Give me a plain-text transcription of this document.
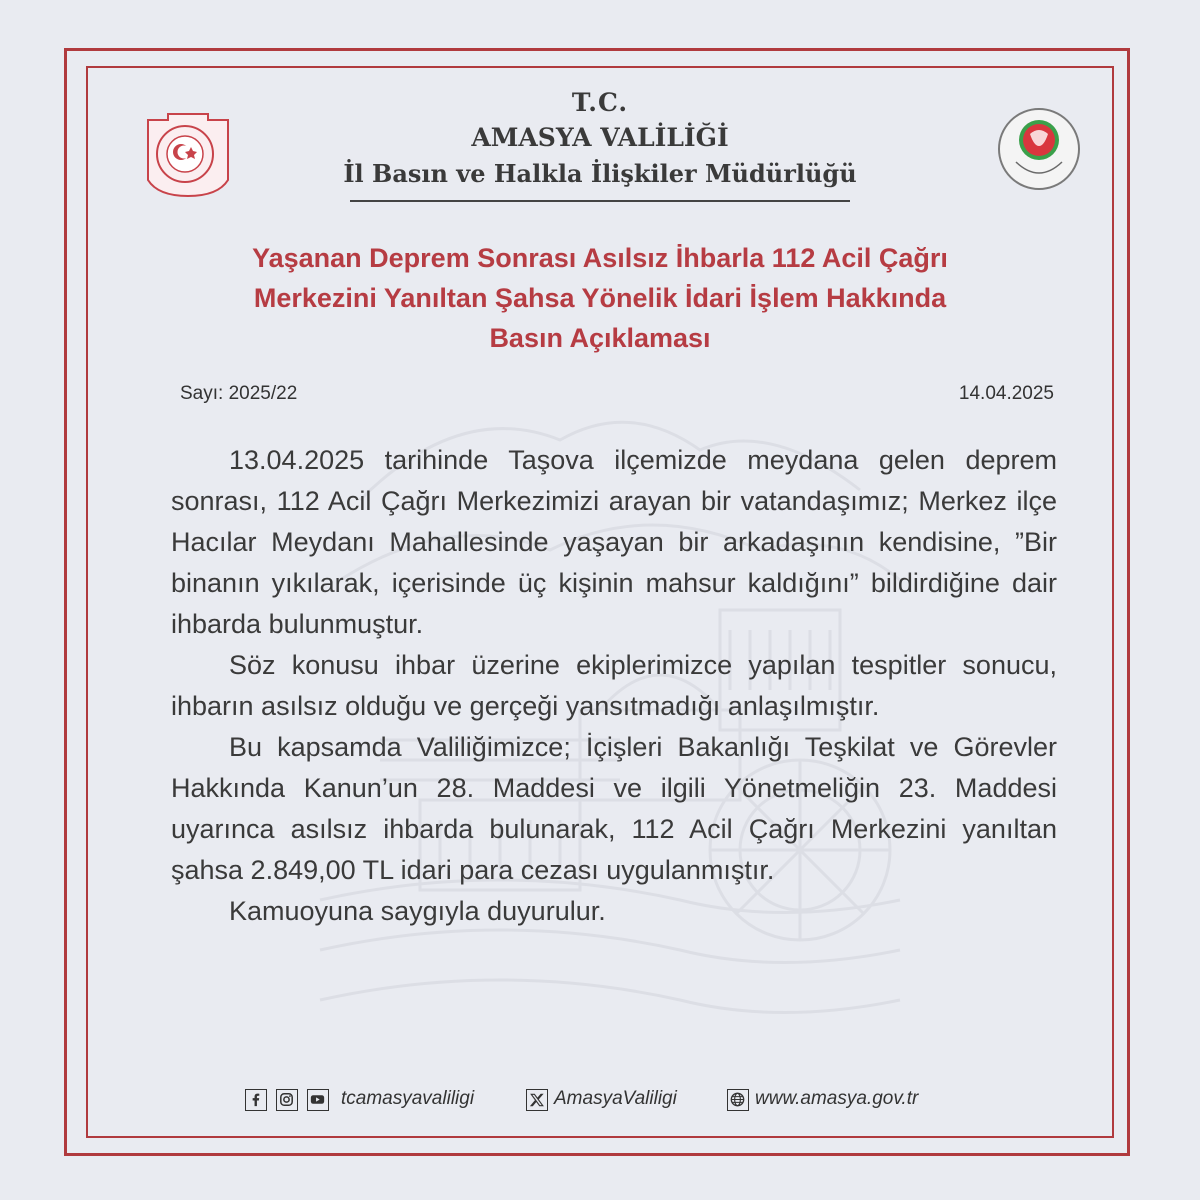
T.C.
AMASYA VALİLİĞİ
İl Basın ve Halkla İlişkiler Müdürlüğü
Yaşanan Deprem Sonrası Asılsız İhbarla 112 Acil Çağrı
Merkezini Yanıltan Şahsa Yönelik İdari İşlem Hakkında
Basın Açıklaması
Sayı: 2025/22	14.04.2025

13.04.2025 tarihinde Taşova ilçemizde meydana gelen deprem sonrası, 112 Acil Çağrı Merkezimizi arayan bir vatandaşımız; Merkez ilçe Hacılar Meydanı Mahallesinde yaşayan bir arkadaşının kendisine, ”Bir binanın yıkılarak, içerisinde üç kişinin mahsur kaldığını” bildirdiğine dair ihbarda bulunmuştur.

Söz konusu ihbar üzerine ekiplerimizce yapılan tespitler sonucu, ihbarın asılsız olduğu ve gerçeği yansıtmadığı anlaşılmıştır.

Bu kapsamda Valiliğimizce; İçişleri Bakanlığı Teşkilat ve Görevler Hakkında Kanun’un 28. Maddesi ve ilgili Yönetmeliğin 23. Maddesi uyarınca asılsız ihbarda bulunarak, 112 Acil Çağrı Merkezini yanıltan şahsa 2.849,00 TL idari para cezası uygulanmıştır.

Kamuoyuna saygıyla duyurulur.

tcamasyavaliligi	AmasyaValiligi	www.amasya.gov.tr
